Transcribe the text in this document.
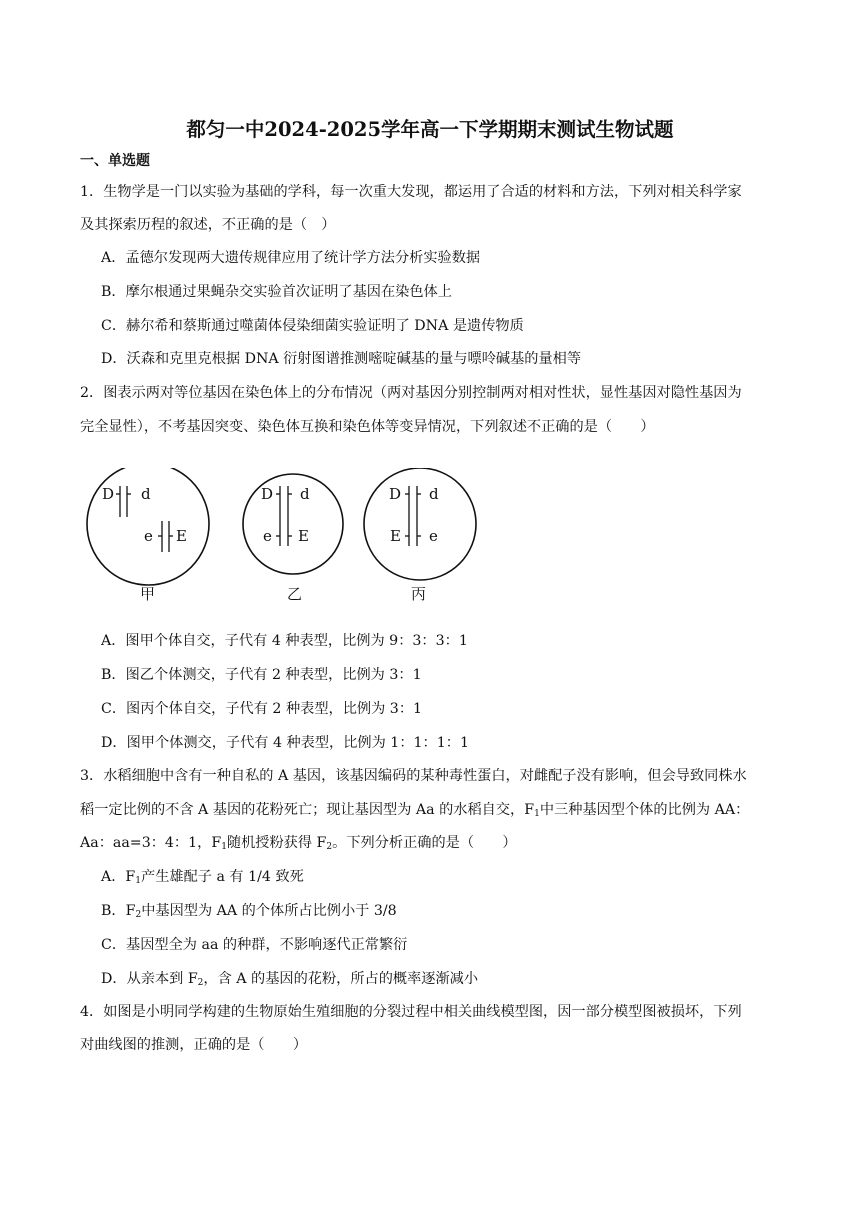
都匀一中2024-2025学年高一下学期期末测试生物试题
一、单选题
1．生物学是一门以实验为基础的学科，每一次重大发现，都运用了合适的材料和方法，下列对相关科学家
及其探索历程的叙述，不正确的是（　）
A．孟德尔发现两大遗传规律应用了统计学方法分析实验数据
B．摩尔根通过果蝇杂交实验首次证明了基因在染色体上
C．赫尔希和蔡斯通过噬菌体侵染细菌实验证明了 DNA 是遗传物质
D．沃森和克里克根据 DNA 衍射图谱推测嘧啶碱基的量与嘌呤碱基的量相等
2．图表示两对等位基因在染色体上的分布情况（两对基因分别控制两对相对性状，显性基因对隐性基因为
完全显性），不考基因突变、染色体互换和染色体等变异情况，下列叙述不正确的是（　　）
D d
e E
甲
D d
e E
乙
D d
E e
丙
A．图甲个体自交，子代有 4 种表型，比例为 9：3：3：1
B．图乙个体测交，子代有 2 种表型，比例为 3：1
C．图丙个体自交，子代有 2 种表型，比例为 3：1
D．图甲个体测交，子代有 4 种表型，比例为 1：1：1：1
3．水稻细胞中含有一种自私的 A 基因，该基因编码的某种毒性蛋白，对雌配子没有影响，但会导致同株水
稻一定比例的不含 A 基因的花粉死亡；现让基因型为 Aa 的水稻自交，$F_1$中三种基因型个体的比例为 AA：
Aa：aa=3：4：1，$F_1$随机授粉获得 $F_2$。下列分析正确的是（　　）
A．$F_1$产生雄配子 a 有 1/4 致死
B．$F_2$中基因型为 AA 的个体所占比例小于 3/8
C．基因型全为 aa 的种群，不影响逐代正常繁衍
D．从亲本到 $F_2$，含 A 的基因的花粉，所占的概率逐渐减小
4．如图是小明同学构建的生物原始生殖细胞的分裂过程中相关曲线模型图，因一部分模型图被损坏，下列
对曲线图的推测，正确的是（　　）
